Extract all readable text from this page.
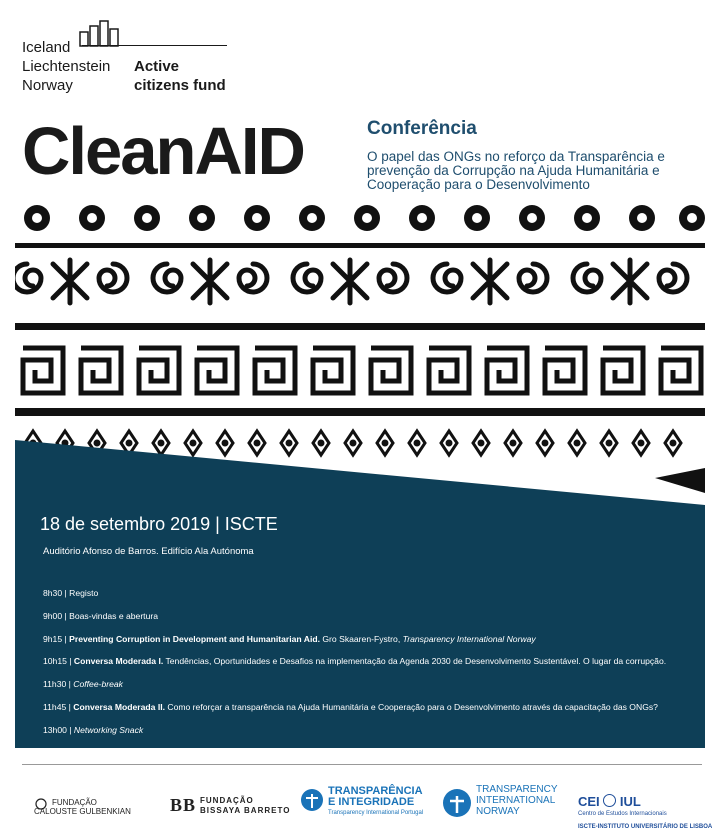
Iceland
Liechtenstein
Norway
Active
citizens fund
CleanAID	Conferência
O papel das ONGs no reforço da Transparência e prevenção da Corrupção na Ajuda Humanitária e Cooperação para o Desenvolvimento
18 de setembro 2019 | ISCTE
Auditório Afonso de Barros. Edifício Ala Autónoma
8h30 | Registo
9h00 | Boas-vindas e abertura
9h15 | Preventing Corruption in Development and Humanitarian Aid. Gro Skaaren-Fystro, Transparency International Norway
10h15 | Conversa Moderada I. Tendências, Oportunidades e Desafios na implementação da Agenda 2030 de Desenvolvimento Sustentável. O lugar da corrupção.
11h30 | Coffee-break
11h45 | Conversa Moderada II. Como reforçar a transparência na Ajuda Humanitária e Cooperação para o Desenvolvimento através da capacitação das ONGs?
13h00 | Networking Snack
FUNDAÇÃO
CALOUSTE GULBENKIAN BB FUNDAÇÃO
BISSAYA BARRETO
TRANSPARÊNCIA
E INTEGRIDADE
Transparency International Portugal
TRANSPARENCY
INTERNATIONAL
NORWAY
CEI IUL
Centro de Estudos Internacionais
ISCTE-INSTITUTO UNIVERSITÁRIO DE LISBOA
